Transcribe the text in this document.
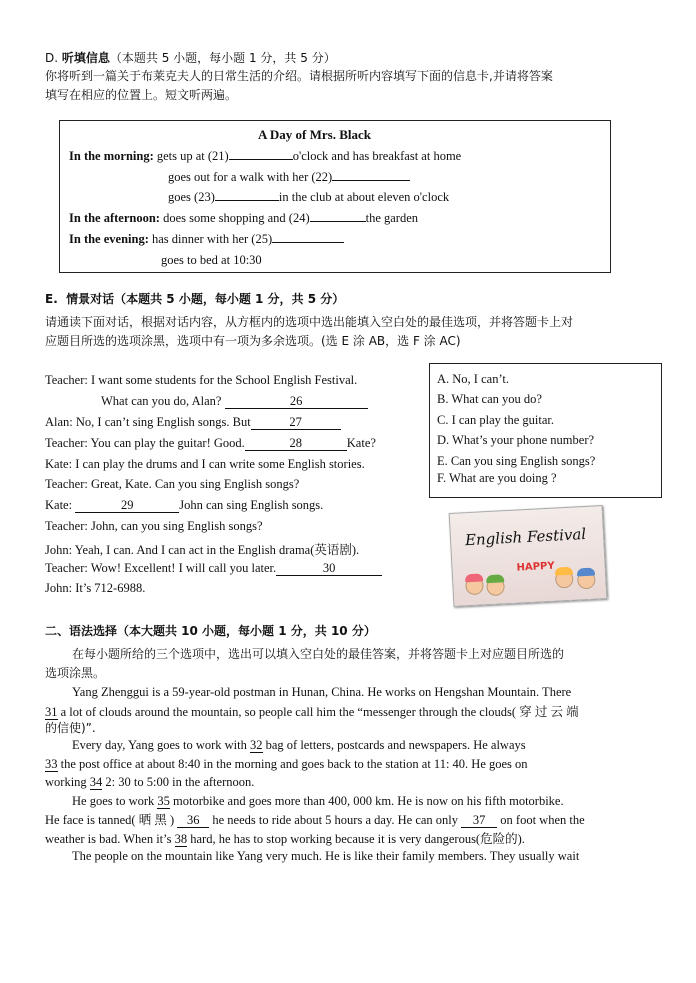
D. 听填信息（本题共 5 小题，每小题 1 分，共 5 分）
你将听到一篇关于布莱克夫人的日常生活的介绍。请根据所听内容填写下面的信息卡,并请将答案
填写在相应的位置上。短文听两遍。
A Day of Mrs. Black
In the morning: gets up at (21)	o'clock and has breakfast at home
goes out for a walk with her (22)
goes (23)	in the club at about eleven o'clock
In the afternoon: does some shopping and (24)	the garden
In the evening: has dinner with her (25)
goes to bed at 10:30
E. 情景对话（本题共 5 小题，每小题 1 分，共 5 分）
请通读下面对话，根据对话内容，从方框内的选项中选出能填入空白处的最佳选项，并将答题卡上对
应题目所选的选项涂黑，选项中有一项为多余选项。(选 E 涂 AB，选 F 涂 AC)
Teacher: I want some students for the School English Festival.
What can you do, Alan?	26
Alan: No, I can’t sing English songs. But	27
Teacher: You can play the guitar! Good.	28	Kate?
Kate: I can play the drums and I can write some English stories.
Teacher: Great, Kate. Can you sing English songs?
Kate:	29	John can sing English songs.
Teacher: John, can you sing English songs?
John: Yeah, I can. And I can act in the English drama(英语剧).
Teacher: Wow! Excellent! I will call you later.	30
John: It’s 712-6988.
A. No, I can’t.
B. What can you do?
C. I can play the guitar.
D. What’s your phone number?
E. Can you sing English songs?
F. What are you doing ?
English Festival
HAPPY
二、语法选择（本大题共 10 小题，每小题 1 分，共 10 分）
在每小题所给的三个选项中，选出可以填入空白处的最佳答案，并将答题卡上对应题目所选的
选项涂黑。
Yang Zhenggui is a 59-year-old postman in Hunan, China. He works on Hengshan Mountain. There
31 a lot of clouds around the mountain, so people call him the “messenger through the clouds( 穿 过 云 端
的信使)”.
Every day, Yang goes to work with 32 bag of letters, postcards and newspapers. He always
33 the post office at about 8:40 in the morning and goes back to the station at 11: 40. He goes on
working 34 2: 30 to 5:00 in the afternoon.
He goes to work 35 motorbike and goes more than 400, 000 km. He is now on his fifth motorbike.
He face is tanned( 晒 黑 ) 36 he needs to ride about 5 hours a day. He can only 37 on foot when the
weather is bad. When it’s 38 hard, he has to stop working because it is very dangerous(危险的).
The people on the mountain like Yang very much. He is like their family members. They usually wait
